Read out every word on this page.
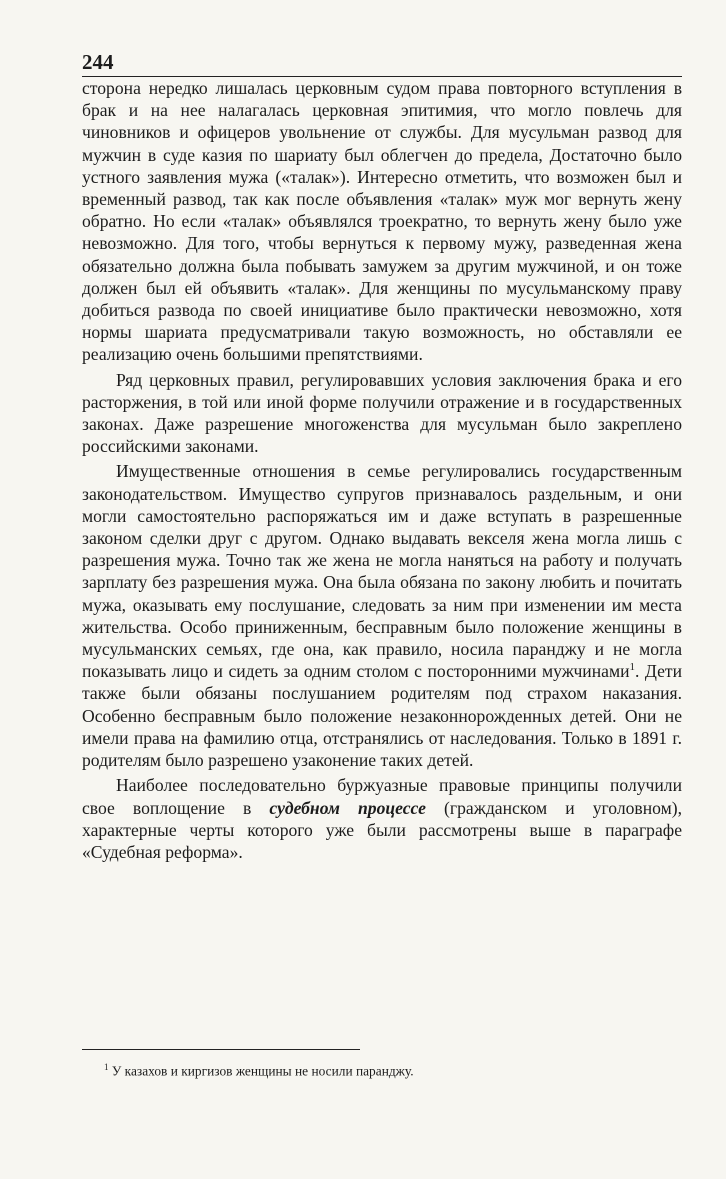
244

сторона нередко лишалась церковным судом права повторного вступления в брак и на нее налагалась церковная эпитимия, что могло повлечь для чиновников и офицеров увольнение от службы. Для мусульман развод для мужчин в суде казия по шариату был облегчен до предела, Достаточно было устного заявления мужа («талак»). Интересно отметить, что возможен был и временный развод, так как после объявления «талак» муж мог вернуть жену обратно. Но если «талак» объявлялся троекратно, то вернуть жену было уже невозможно. Для того, чтобы вернуться к первому мужу, разведенная жена обязательно должна была побывать замужем за другим мужчиной, и он тоже должен был ей объявить «талак». Для женщины по мусульманскому праву добиться развода по своей инициативе было практически невозможно, хотя нормы шариата предусматривали такую возможность, но обставляли ее реализацию очень большими препятствиями.

Ряд церковных правил, регулировавших условия заключения брака и его расторжения, в той или иной форме получили отражение и в государственных законах. Даже разрешение многоженства для мусульман было закреплено российскими законами.

Имущественные отношения в семье регулировались государственным законодательством. Имущество супругов признавалось раздельным, и они могли самостоятельно распоряжаться им и даже вступать в разрешенные законом сделки друг с другом. Однако выдавать векселя жена могла лишь с разрешения мужа. Точно так же жена не могла наняться на работу и получать зарплату без разрешения мужа. Она была обязана по закону любить и почитать мужа, оказывать ему послушание, следовать за ним при изменении им места жительства. Особо приниженным, бесправным было положение женщины в мусульманских семьях, где она, как правило, носила паранджу и не могла показывать лицо и сидеть за одним столом с посторонними мужчинами$^1$. Дети также были обязаны послушанием родителям под страхом наказания. Особенно бесправным было положение незаконнорожденных детей. Они не имели права на фамилию отца, отстранялись от наследования. Только в 1891 г. родителям было разрешено узаконение таких детей.

Наиболее последовательно буржуазные правовые принципы получили свое воплощение в судебном процессе (гражданском и уголовном), характерные черты которого уже были рассмотрены выше в параграфе «Судебная реформа».

$^1$ У казахов и киргизов женщины не носили паранджу.
